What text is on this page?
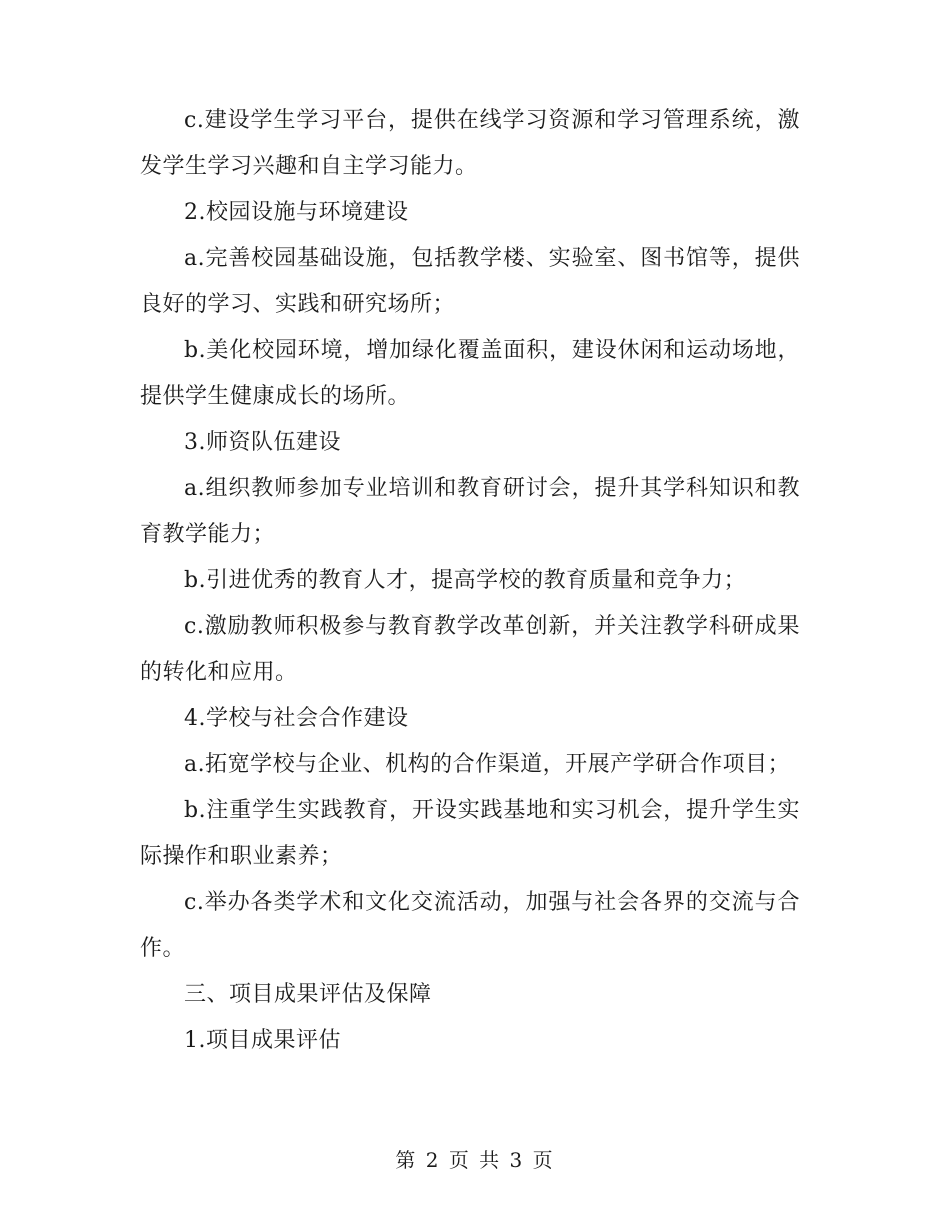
c.建设学生学习平台，提供在线学习资源和学习管理系统，激发学生学习兴趣和自主学习能力。

2.校园设施与环境建设

a.完善校园基础设施，包括教学楼、实验室、图书馆等，提供良好的学习、实践和研究场所；

b.美化校园环境，增加绿化覆盖面积，建设休闲和运动场地，提供学生健康成长的场所。

3.师资队伍建设

a.组织教师参加专业培训和教育研讨会，提升其学科知识和教育教学能力；

b.引进优秀的教育人才，提高学校的教育质量和竞争力；

c.激励教师积极参与教育教学改革创新，并关注教学科研成果的转化和应用。

4.学校与社会合作建设

a.拓宽学校与企业、机构的合作渠道，开展产学研合作项目；

b.注重学生实践教育，开设实践基地和实习机会，提升学生实际操作和职业素养；

c.举办各类学术和文化交流活动，加强与社会各界的交流与合作。

三、项目成果评估及保障

1.项目成果评估

第 2 页 共 3 页
